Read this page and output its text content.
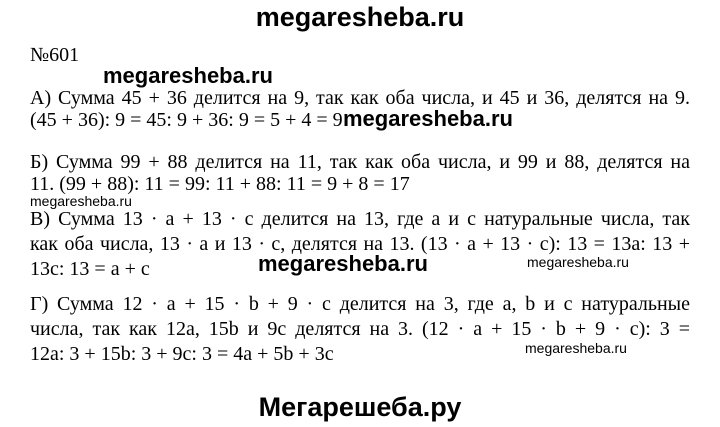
megaresheba.ru
№601
megaresheba.ru
А) Сумма 45 + 36 делится на 9, так как оба числа, и 45 и 36, делятся на 9.
(45 + 36): 9 = 45: 9 + 36: 9 = 5 + 4 = 9 megaresheba.ru
Б) Сумма 99 + 88 делится на 11, так как оба числа, и 99 и 88, делятся на
11. (99 + 88): 11 = 99: 11 + 88: 11 = 9 + 8 = 17
megaresheba.ru
В) Сумма 13 · a + 13 · c делится на 13, где a и c натуральные числа, так
как оба числа, 13 · a и 13 · c, делятся на 13. (13 · a + 13 · c): 13 = 13a: 13 +
13c: 13 = a + c	megaresheba.ru	megaresheba.ru
Г) Сумма 12 · a + 15 · b + 9 · c делится на 3, где a, b и c натуральные
числа, так как 12a, 15b и 9c делятся на 3. (12 · a + 15 · b + 9 · c): 3 =
12a: 3 + 15b: 3 + 9c: 3 = 4a + 5b + 3c	megaresheba.ru
Мегарешеба.ру
